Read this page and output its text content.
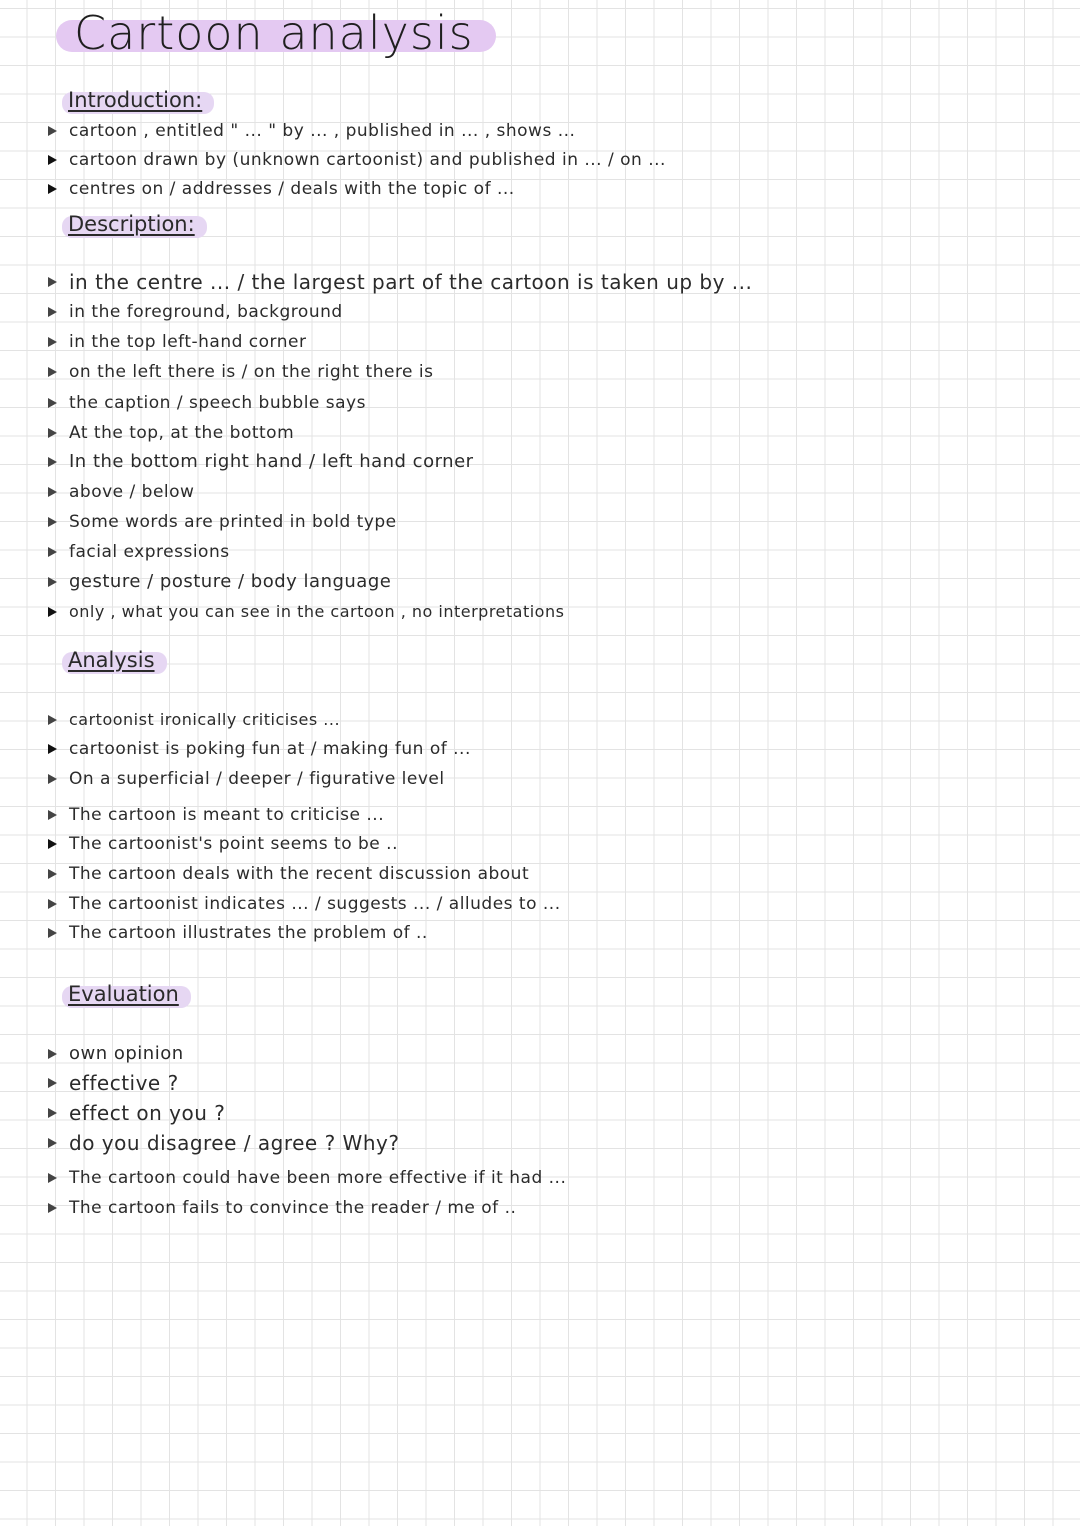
Cartoon analysis
Introduction:
cartoon , entitled " ... " by ... , published in ... , shows ...
cartoon drawn by (unknown cartoonist) and published in ... / on ...
centres on / addresses / deals with the topic of ...
Description:
in the centre ... / the largest part of the cartoon is taken up by ...
in the foreground, background
in the top left-hand corner
on the left there is / on the right there is
the caption / speech bubble says
At the top, at the bottom
In the bottom right hand / left hand corner
above / below
Some words are printed in bold type
facial expressions
gesture / posture / body language
only , what you can see in the cartoon , no interpretations
Analysis
cartoonist ironically criticises ...
cartoonist is poking fun at / making fun of ...
On a superficial / deeper / figurative level
The cartoon is meant to criticise ...
The cartoonist's point seems to be ..
The cartoon deals with the recent discussion about
The cartoonist indicates ... / suggests ... / alludes to ...
The cartoon illustrates the problem of ..
Evaluation
own opinion
effective ?
effect on you ?
do you disagree / agree ? Why?
The cartoon could have been more effective if it had ...
The cartoon fails to convince the reader / me of ..
